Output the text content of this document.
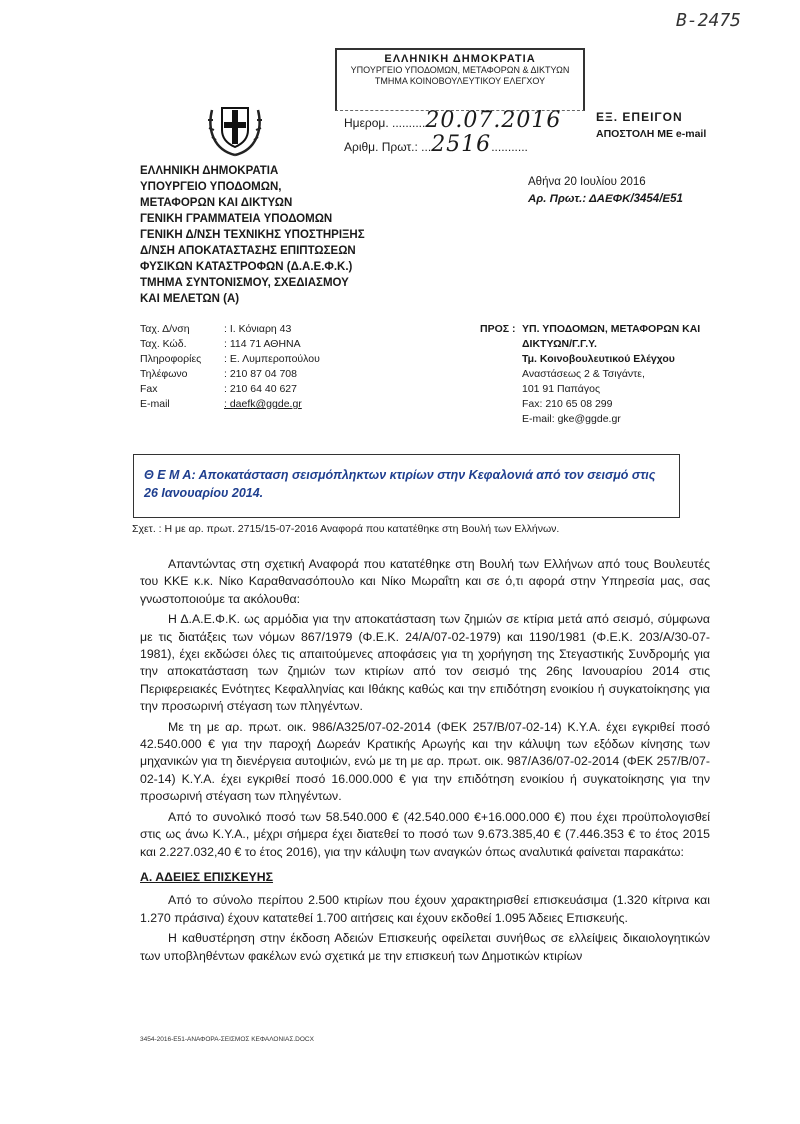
Β-2475
ΕΛΛΗΝΙΚΗ ΔΗΜΟΚΡΑΤΙΑ
ΥΠΟΥΡΓΕΙΟ ΥΠΟΔΟΜΩΝ, ΜΕΤΑΦΟΡΩΝ & ΔΙΚΤΥΩΝ
ΤΜΗΜΑ ΚΟΙΝΟΒΟΥΛΕΥΤΙΚΟΥ ΕΛΕΓΧΟΥ
Ημερομ. ..........20.07.2016
Αριθμ. Πρωτ.: ...2516...........
ΕΞ. ΕΠΕΙΓΟΝ
ΑΠΟΣΤΟΛΗ ΜΕ e-mail
Αθήνα 20 Ιουλίου 2016
Αρ. Πρωτ.: ΔΑΕΦΚ/3454/Ε51
ΕΛΛΗΝΙΚΗ ΔΗΜΟΚΡΑΤΙΑ
ΥΠΟΥΡΓΕΙΟ ΥΠΟΔΟΜΩΝ,
ΜΕΤΑΦΟΡΩΝ ΚΑΙ ΔΙΚΤΥΩΝ
ΓΕΝΙΚΗ ΓΡΑΜΜΑΤΕΙΑ ΥΠΟΔΟΜΩΝ
ΓΕΝΙΚΗ Δ/ΝΣΗ ΤΕΧΝΙΚΗΣ ΥΠΟΣΤΗΡΙΞΗΣ
Δ/ΝΣΗ ΑΠΟΚΑΤΑΣΤΑΣΗΣ ΕΠΙΠΤΩΣΕΩΝ
ΦΥΣΙΚΩΝ ΚΑΤΑΣΤΡΟΦΩΝ (Δ.Α.Ε.Φ.Κ.)
ΤΜΗΜΑ ΣΥΝΤΟΝΙΣΜΟΥ, ΣΧΕΔΙΑΣΜΟΥ
ΚΑΙ ΜΕΛΕΤΩΝ (Α)
Ταχ. Δ/νση	: Ι. Κόνιαρη 43
Ταχ. Κώδ.	: 114 71 ΑΘΗΝΑ
Πληροφορίες : Ε. Λυμπεροπούλου
Τηλέφωνο	: 210 87 04 708
Fax	: 210 64 40 627
E-mail	: daefk@ggde.gr
ΠΡΟΣ : ΥΠ. ΥΠΟΔΟΜΩΝ, ΜΕΤΑΦΟΡΩΝ ΚΑΙ
ΔΙΚΤΥΩΝ/Γ.Γ.Υ.
Τμ. Κοινοβουλευτικού Ελέγχου
Αναστάσεως 2 & Τσιγάντε,
101 91 Παπάγος
Fax: 210 65 08 299
E-mail: gke@ggde.gr
Θ Ε Μ Α: Αποκατάσταση σεισμόπληκτων κτιρίων στην Κεφαλονιά από τον σεισμό στις 26 Ιανουαρίου 2014.
Σχετ. : Η με αρ. πρωτ. 2715/15-07-2016 Αναφορά που κατατέθηκε στη Βουλή των Ελλήνων.

Απαντώντας στη σχετική Αναφορά που κατατέθηκε στη Βουλή των Ελλήνων από τους Βουλευτές του ΚΚΕ κ.κ. Νίκο Καραθανασόπουλο και Νίκο Μωραΐτη και σε ό,τι αφορά στην Υπηρεσία μας, σας γνωστοποιούμε τα ακόλουθα:

Η Δ.Α.Ε.Φ.Κ. ως αρμόδια για την αποκατάσταση των ζημιών σε κτίρια μετά από σεισμό, σύμφωνα με τις διατάξεις των νόμων 867/1979 (Φ.Ε.Κ. 24/Α/07-02-1979) και 1190/1981 (Φ.Ε.Κ. 203/Α/30-07-1981), έχει εκδώσει όλες τις απαιτούμενες αποφάσεις για τη χορήγηση της Στεγαστικής Συνδρομής για την αποκατάσταση των ζημιών των κτιρίων από τον σεισμό της 26ης Ιανουαρίου 2014 στις Περιφερειακές Ενότητες Κεφαλληνίας και Ιθάκης καθώς και την επιδότηση ενοικίου ή συγκατοίκησης για την προσωρινή στέγαση των πληγέντων.

Με τη με αρ. πρωτ. οικ. 986/Α325/07-02-2014 (ΦΕΚ 257/Β/07-02-14) Κ.Υ.Α. έχει εγκριθεί ποσό 42.540.000 € για την παροχή Δωρεάν Κρατικής Αρωγής και την κάλυψη των εξόδων κίνησης των μηχανικών για τη διενέργεια αυτοψιών, ενώ με τη με αρ. πρωτ. οικ. 987/Α36/07-02-2014 (ΦΕΚ 257/Β/07-02-14) Κ.Υ.Α. έχει εγκριθεί ποσό 16.000.000 € για την επιδότηση ενοικίου ή συγκατοίκησης για την προσωρινή στέγαση των πληγέντων.

Από το συνολικό ποσό των 58.540.000 € (42.540.000 €+16.000.000 €) που έχει προϋπολογισθεί στις ως άνω Κ.Υ.Α., μέχρι σήμερα έχει διατεθεί το ποσό των 9.673.385,40 € (7.446.353 € το έτος 2015 και 2.227.032,40 € το έτος 2016), για την κάλυψη των αναγκών όπως αναλυτικά φαίνεται παρακάτω:

Α. ΑΔΕΙΕΣ ΕΠΙΣΚΕΥΗΣ

Από το σύνολο περίπου 2.500 κτιρίων που έχουν χαρακτηρισθεί επισκευάσιμα (1.320 κίτρινα και 1.270 πράσινα) έχουν κατατεθεί 1.700 αιτήσεις και έχουν εκδοθεί 1.095 Άδειες Επισκευής.

Η καθυστέρηση στην έκδοση Αδειών Επισκευής οφείλεται συνήθως σε ελλείψεις δικαιολογητικών των υποβληθέντων φακέλων ενώ σχετικά με την επισκευή των Δημοτικών κτιρίων

3454-2016-Ε51-ΑΝΑΦΟΡΑ-ΣΕΙΣΜΟΣ ΚΕΦΑΛΟΝΙΑΣ.DOCX
